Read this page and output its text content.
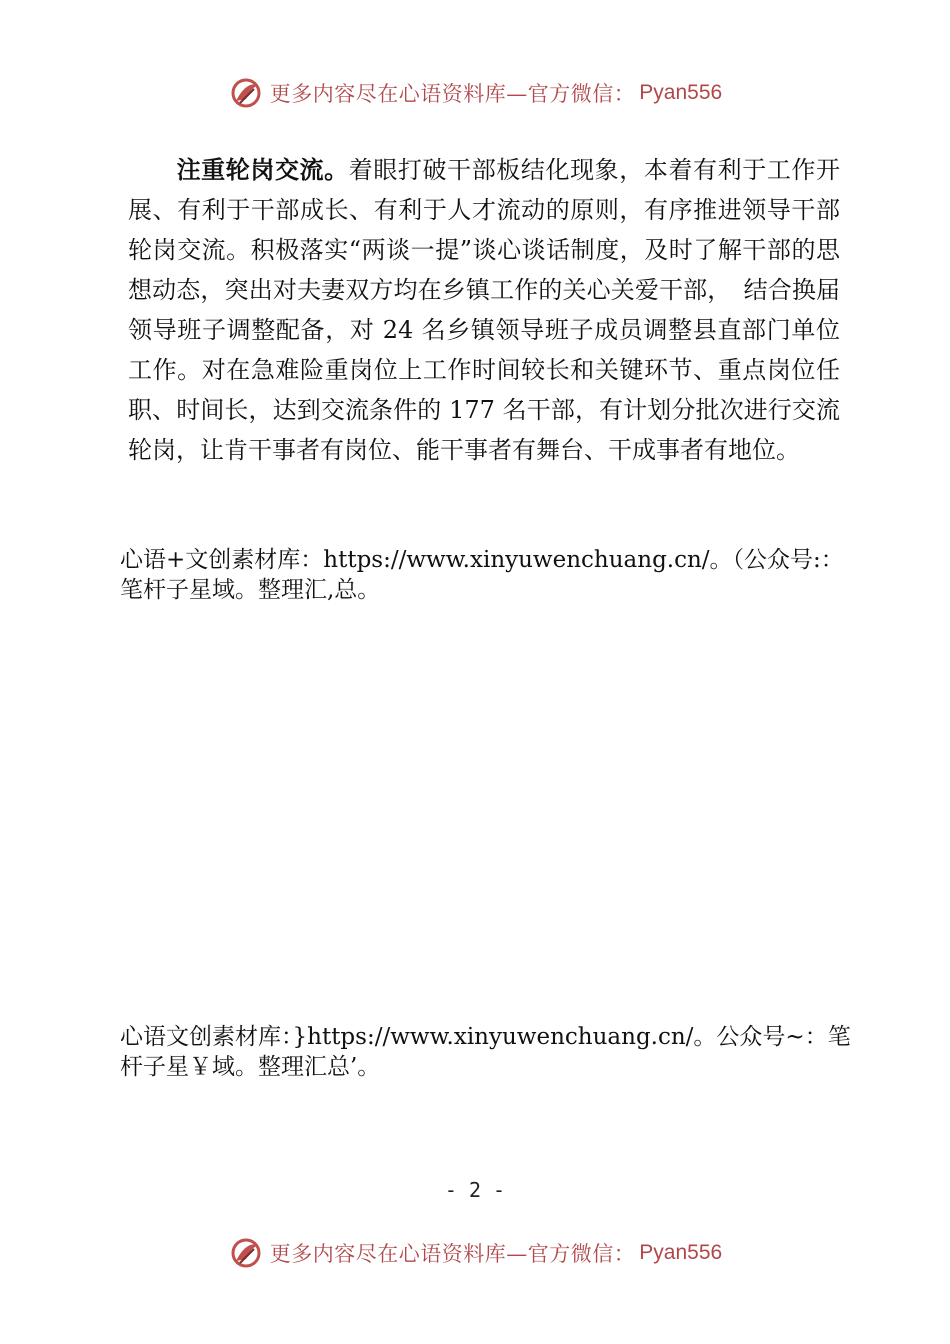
更多内容尽在心语资料库—官方微信： Pyan556
注重轮岗交流。着眼打破干部板结化现象，本着有利于工作开展、有利于干部成长、有利于人才流动的原则，有序推进领导干部轮岗交流。积极落实“两谈一提”谈心谈话制度，及时了解干部的思想动态，突出对夫妻双方均在乡镇工作的关心关爱干部，　结合换届领导班子调整配备，对 24 名乡镇领导班子成员调整县直部门单位工作。对在急难险重岗位上工作时间较长和关键环节、重点岗位任职、时间长，达到交流条件的 177 名干部，有计划分批次进行交流轮岗，让肯干事者有岗位、能干事者有舞台、干成事者有地位。
心语+文创素材库：https://www.xinyuwenchuang.cn/。（公众号:：笔杆子星域。整理汇,总。
心语文创素材库：}https://www.xinyuwenchuang.cn/。公众号~：笔杆子星￥域。整理汇总’。
- 2 -
更多内容尽在心语资料库—官方微信： Pyan556
